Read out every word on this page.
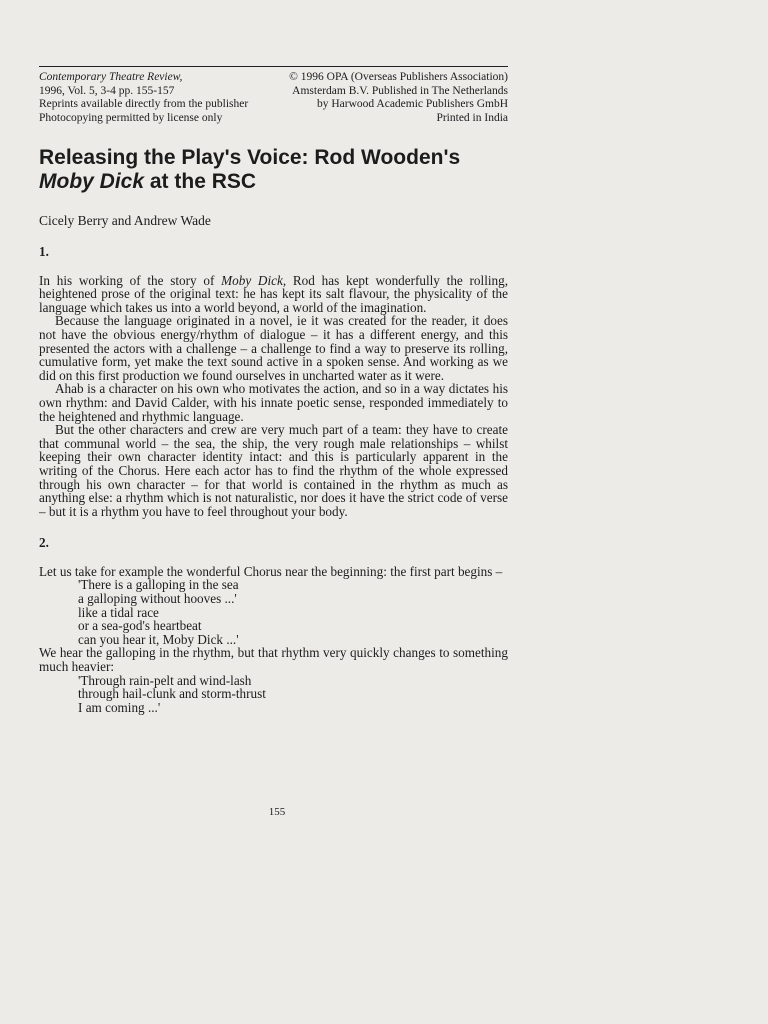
Contemporary Theatre Review,
1996, Vol. 5, 3-4 pp. 155-157
Reprints available directly from the publisher
Photocopying permitted by license only
© 1996 OPA (Overseas Publishers Association)
Amsterdam B.V. Published in The Netherlands
by Harwood Academic Publishers GmbH
Printed in India
Releasing the Play's Voice: Rod Wooden's
Moby Dick at the RSC
Cicely Berry and Andrew Wade
1.

In his working of the story of Moby Dick, Rod has kept wonderfully the rolling, heightened prose of the original text: he has kept its salt flavour, the physicality of the language which takes us into a world beyond, a world of the imagination.

Because the language originated in a novel, ie it was created for the reader, it does not have the obvious energy/rhythm of dialogue – it has a different energy, and this presented the actors with a challenge – a challenge to find a way to preserve its rolling, cumulative form, yet make the text sound active in a spoken sense. And working as we did on this first production we found ourselves in uncharted water as it were.

Ahab is a character on his own who motivates the action, and so in a way dictates his own rhythm: and David Calder, with his innate poetic sense, responded immediately to the heightened and rhythmic language.

But the other characters and crew are very much part of a team: they have to create that communal world – the sea, the ship, the very rough male relationships – whilst keeping their own character identity intact: and this is particularly apparent in the writing of the Chorus. Here each actor has to find the rhythm of the whole expressed through his own character – for that world is contained in the rhythm as much as anything else: a rhythm which is not naturalistic, nor does it have the strict code of verse – but it is a rhythm you have to feel throughout your body.

2.

Let us take for example the wonderful Chorus near the beginning: the first part begins –

'There is a galloping in the sea
a galloping without hooves ...'
like a tidal race
or a sea-god's heartbeat
can you hear it, Moby Dick ...'

We hear the galloping in the rhythm, but that rhythm very quickly changes to something much heavier:

'Through rain-pelt and wind-lash
through hail-clunk and storm-thrust
I am coming ...'
155
